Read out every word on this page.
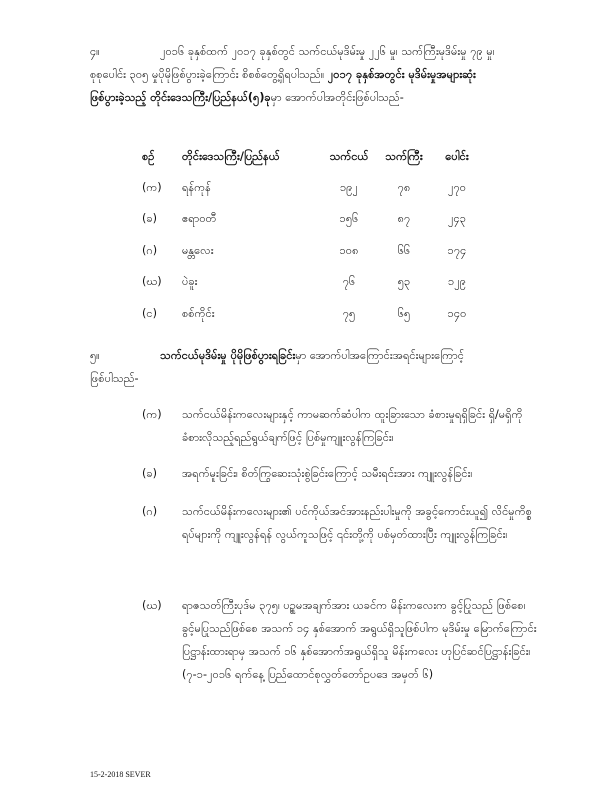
၄။	၂၀၁၆ ခုနှစ်ထက် ၂၀၁၇ ခုနှစ်တွင် သက်ငယ်မုဒိမ်းမှု ၂၂၆ မှု၊ သက်ကြီးမုဒိမ်းမှု ၇၉ မှု၊

စုစုပေါင်း ၃၀၅ မှုပိုမိုဖြစ်ပွားခဲ့ကြောင်း စိစစ်တွေ့ရှိရပါသည်။ ၂၀၁၇ ခုနှစ်အတွင်း မုဒိမ်းမှုအများဆုံး

ဖြစ်ပွားခဲ့သည့် တိုင်းဒေသကြီး/ပြည်နယ်(၅)ခုမှာ အောက်ပါအတိုင်းဖြစ်ပါသည်-

စဉ်	တိုင်းဒေသကြီး/ပြည်နယ်	သက်ငယ်	သက်ကြီး	ပေါင်း
(က)	ရန်ကုန်	၁၉၂	၇၈	၂၇၀
(ခ)	ဧရာဝတီ	၁၅၆	၈၇	၂၄၃
(ဂ)	မန္တလေး	၁၀၈	၆၆	၁၇၄
(ဃ)	ပဲခူး	၇၆	၅၃	၁၂၉
(င)	စစ်ကိုင်း	၇၅	၆၅	၁၄၀

၅။	သက်ငယ်မုဒိမ်းမှု ပိုမိုဖြစ်ပွားရခြင်းမှာ အောက်ပါအကြောင်းအရင်းများကြောင့်

ဖြစ်ပါသည်-

(က) သက်ငယ်မိန်းကလေးများနှင့် ကာမဆက်ဆံပါက ထူးခြားသော ခံစားမှုရရှိခြင်း ရှိ/မရှိကို ခံစားလိုသည့်ရည်ရွယ်ချက်ဖြင့် ပြစ်မှုကျူးလွန်ကြခြင်း၊
(ခ) အရက်မူးခြင်း၊ စိတ်ကြွဆေးသုံးစွဲခြင်းကြောင့် သမီးရင်းအား ကျူးလွန်ခြင်း၊
(ဂ) သက်ငယ်မိန်းကလေးများ၏ ပင်ကိုယ်အင်အားနည်းပါးမှုကို အခွင့်ကောင်းယူ၍ လိင်မှုကိစ္စရပ်များကို ကျူးလွန်ရန် လွယ်ကူသဖြင့် ၎င်းတို့ကို ပစ်မှတ်ထားပြီး ကျူးလွန်ကြခြင်း၊
(ဃ) ရာဇသတ်ကြီးပုဒ်မ ၃၇၅၊ ပဥ္စမအချက်အား ယခင်က မိန်းကလေးက ခွင့်ပြုသည် ဖြစ်စေ၊ ခွင့်မပြုသည်ဖြစ်စေ အသက် ၁၄ နှစ်အောက် အရွယ်ရှိသူဖြစ်ပါက မုဒိမ်းမှု မြောက်ကြောင်းပြဋ္ဌာန်းထားရာမှ အသက် ၁၆ နှစ်အောက်အရွယ်ရှိသူ မိန်းကလေး ဟုပြင်ဆင်ပြဋ္ဌာန်းခြင်း၊ (၇-၁-၂၀၁၆ ရက်နေ့ ပြည်ထောင်စုလွှတ်တော်ဥပဒေ အမှတ် ၆)
15-2-2018 SEVER
